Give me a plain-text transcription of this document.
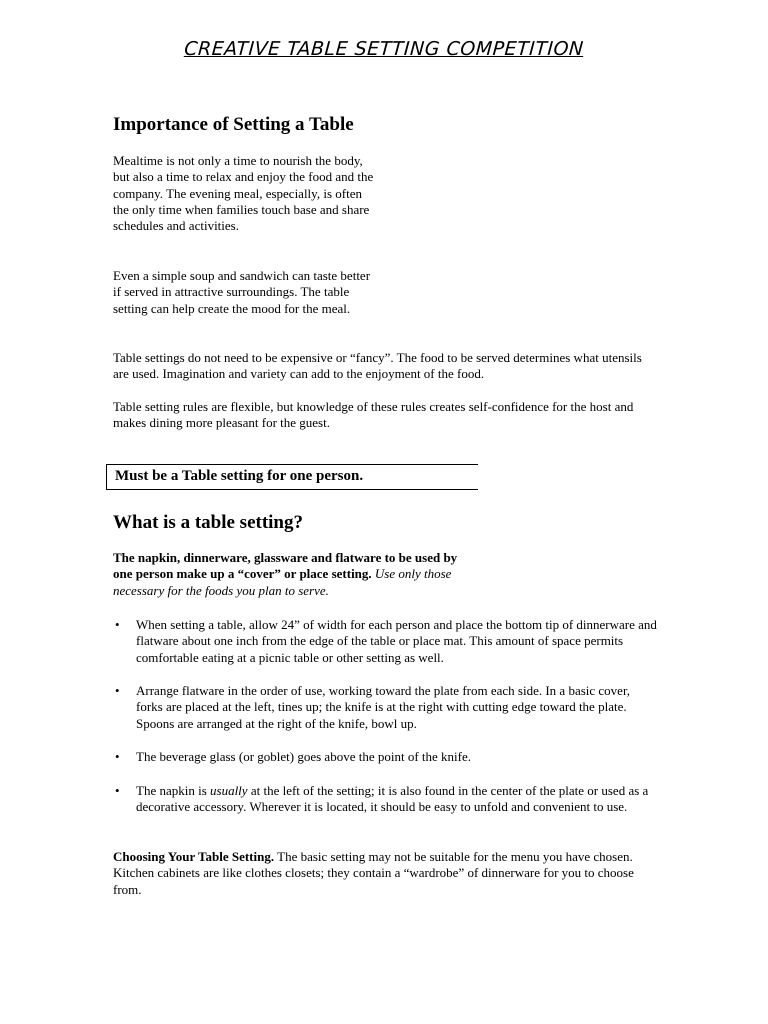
CREATIVE TABLE SETTING COMPETITION
Importance of Setting a Table
Mealtime is not only a time to nourish the body, but also a time to relax and enjoy the food and the company. The evening meal, especially, is often the only time when families touch base and share schedules and activities.
Even a simple soup and sandwich can taste better if served in attractive surroundings. The table setting can help create the mood for the meal.
Table settings do not need to be expensive or “fancy”. The food to be served determines what utensils are used. Imagination and variety can add to the enjoyment of the food.
Table setting rules are flexible, but knowledge of these rules creates self-confidence for the host and makes dining more pleasant for the guest.
Must be a Table setting for one person.
What is a table setting?
The napkin, dinnerware, glassware and flatware to be used by one person make up a “cover” or place setting. Use only those necessary for the foods you plan to serve.
• When setting a table, allow 24” of width for each person and place the bottom tip of dinnerware and flatware about one inch from the edge of the table or place mat. This amount of space permits comfortable eating at a picnic table or other setting as well.
• Arrange flatware in the order of use, working toward the plate from each side. In a basic cover, forks are placed at the left, tines up; the knife is at the right with cutting edge toward the plate. Spoons are arranged at the right of the knife, bowl up.
• The beverage glass (or goblet) goes above the point of the knife.
• The napkin is usually at the left of the setting; it is also found in the center of the plate or used as a decorative accessory. Wherever it is located, it should be easy to unfold and convenient to use.
Choosing Your Table Setting. The basic setting may not be suitable for the menu you have chosen. Kitchen cabinets are like clothes closets; they contain a “wardrobe” of dinnerware for you to choose from.
